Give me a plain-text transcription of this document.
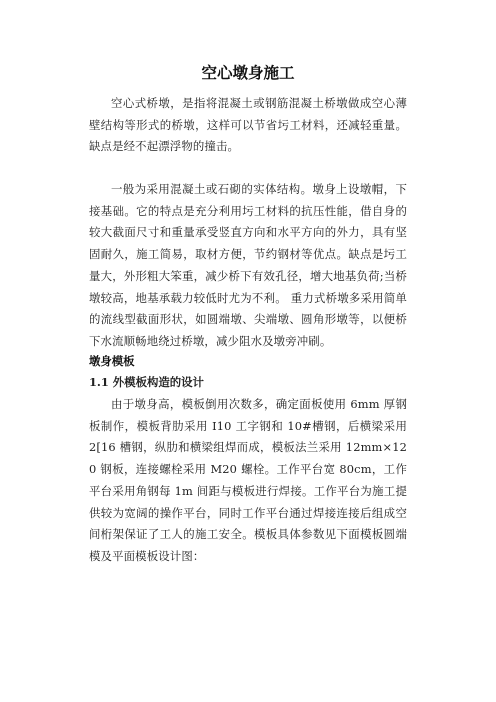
空心墩身施工

空心式桥墩，是指将混凝土或钢筋混凝土桥墩做成空心薄壁结构等形式的桥墩，这样可以节省圬工材料，还减轻重量。缺点是经不起漂浮物的撞击。

一般为采用混凝土或石砌的实体结构。墩身上设墩帽，下接基础。它的特点是充分利用圬工材料的抗压性能，借自身的较大截面尺寸和重量承受竖直方向和水平方向的外力，具有坚固耐久，施工简易，取材方便，节约钢材等优点。缺点是圬工量大，外形粗大笨重，减少桥下有效孔径，增大地基负荷;当桥墩较高，地基承载力较低时尤为不利。 重力式桥墩多采用简单的流线型截面形状，如圆端墩、尖端墩、圆角形墩等，以便桥下水流顺畅地绕过桥墩，减少阻水及墩旁冲刷。

墩身模板
1.1 外模板构造的设计

由于墩身高，模板倒用次数多，确定面板使用 6mm 厚钢板制作，模板背肋采用 I10 工字钢和 10#槽钢，后横梁采用 2[16 槽钢，纵肋和横梁组焊而成，模板法兰采用 12mm×120 钢板，连接螺栓采用 M20 螺栓。工作平台宽 80cm，工作平台采用角钢每 1m 间距与模板进行焊接。工作平台为施工提供较为宽阔的操作平台，同时工作平台通过焊接连接后组成空间桁架保证了工人的施工安全。模板具体参数见下面模板圆端模及平面模板设计图：
